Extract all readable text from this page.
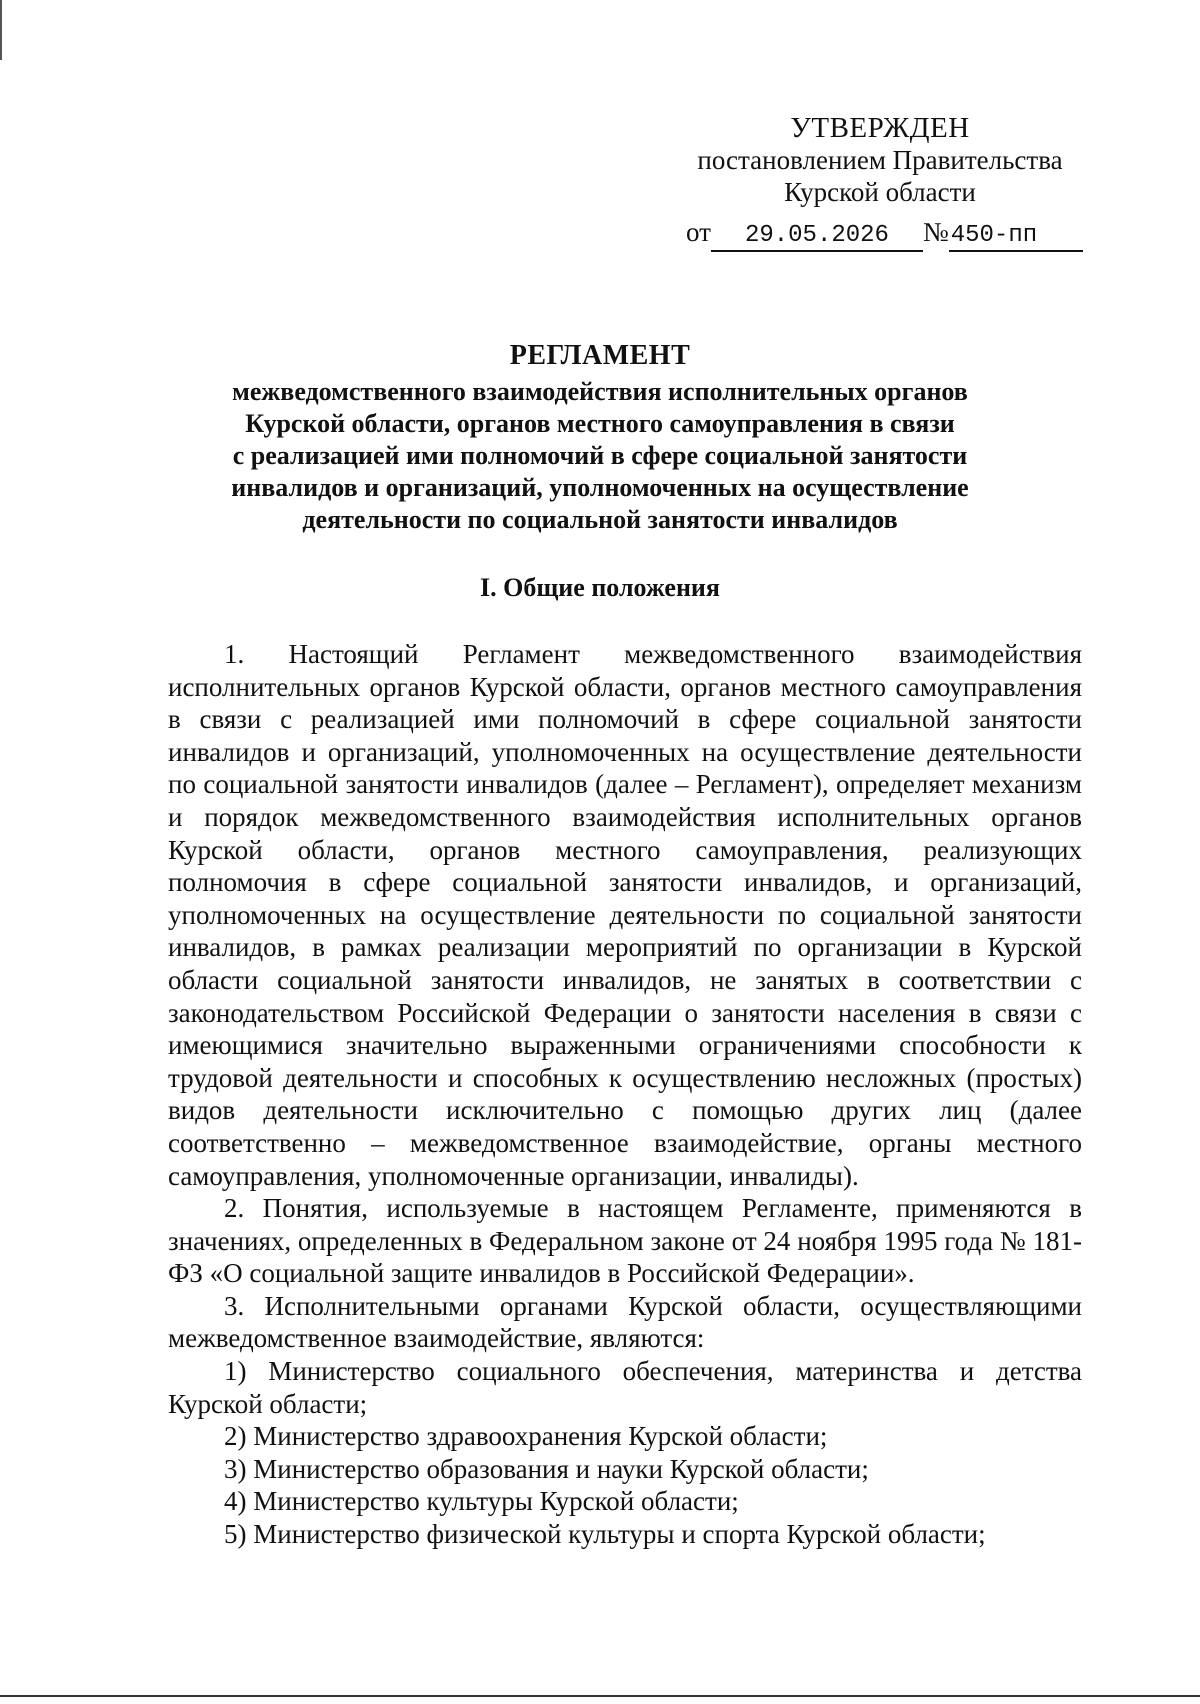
УТВЕРЖДЕН
постановлением Правительства
Курской области
от 29.05.2026 №450-пп
РЕГЛАМЕНТ
межведомственного взаимодействия исполнительных органов
Курской области, органов местного самоуправления в связи
с реализацией ими полномочий в сфере социальной занятости
инвалидов и организаций, уполномоченных на осуществление
деятельности по социальной занятости инвалидов
I. Общие положения

1. Настоящий Регламент межведомственного взаимодействия исполнительных органов Курской области, органов местного самоуправления в связи с реализацией ими полномочий в сфере социальной занятости инвалидов и организаций, уполномоченных на осуществление деятельности по социальной занятости инвалидов (далее – Регламент), определяет механизм и порядок межведомственного взаимодействия исполнительных органов Курской области, органов местного самоуправления, реализующих полномочия в сфере социальной занятости инвалидов, и организаций, уполномоченных на осуществление деятельности по социальной занятости инвалидов, в рамках реализации мероприятий по организации в Курской области социальной занятости инвалидов, не занятых в соответствии с законодательством Российской Федерации о занятости населения в связи с имеющимися значительно выраженными ограничениями способности к трудовой деятельности и способных к осуществлению несложных (простых) видов деятельности исключительно с помощью других лиц (далее соответственно – межведомственное взаимодействие, органы местного самоуправления, уполномоченные организации, инвалиды).

2. Понятия, используемые в настоящем Регламенте, применяются в значениях, определенных в Федеральном законе от 24 ноября 1995 года № 181-ФЗ «О социальной защите инвалидов в Российской Федерации».

3. Исполнительными органами Курской области, осуществляющими межведомственное взаимодействие, являются:

1) Министерство социального обеспечения, материнства и детства Курской области;

2) Министерство здравоохранения Курской области;

3) Министерство образования и науки Курской области;

4) Министерство культуры Курской области;

5) Министерство физической культуры и спорта Курской области;
